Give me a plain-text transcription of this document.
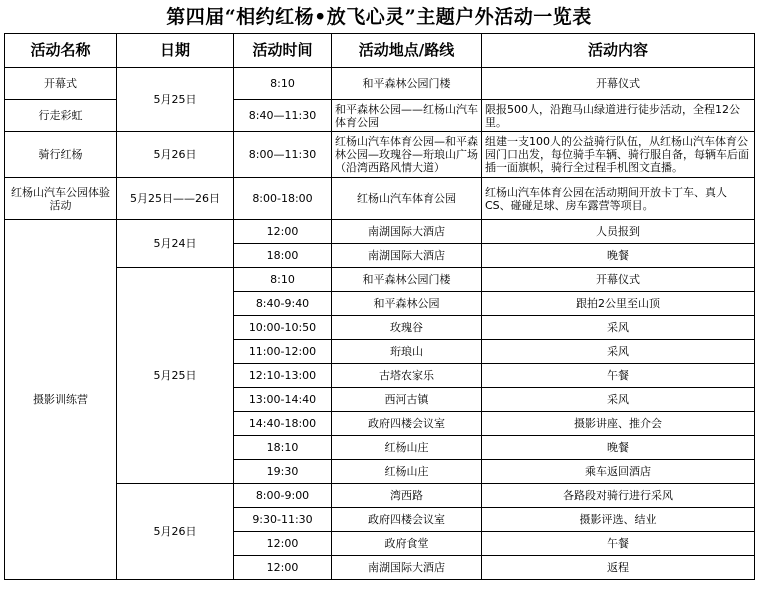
第四届“相约红杨•放飞心灵”主题户外活动一览表
活动名称	日期	活动时间	活动地点/路线	活动内容
开幕式	5月25日	8:10	和平森林公园门楼	开幕仪式
行走彩虹		8:40—11:30	和平森林公园——红杨山汽车体育公园	限报500人，沿跑马山绿道进行徒步活动，全程12公里。
骑行红杨	5月26日	8:00—11:30	红杨山汽车体育公园—和平森林公园—玫瑰谷—珩琅山广场（沿湾西路风情大道）	组建一支100人的公益骑行队伍，从红杨山汽车体育公园门口出发，每位骑手车辆、骑行服自备，每辆车后面插一面旗帜，骑行全过程手机图文直播。
红杨山汽车公园体验活动	5月25日——26日	8:00-18:00	红杨山汽车体育公园	红杨山汽车体育公园在活动期间开放卡丁车、真人CS、碰碰足球、房车露营等项目。
摄影训练营	5月24日	12:00	南湖国际大酒店	人员报到
		18:00	南湖国际大酒店	晚餐
	5月25日	8:10	和平森林公园门楼	开幕仪式
		8:40-9:40	和平森林公园	跟拍2公里至山顶
		10:00-10:50	玫瑰谷	采风
		11:00-12:00	珩琅山	采风
		12:10-13:00	古塔农家乐	午餐
		13:00-14:40	西河古镇	采风
		14:40-18:00	政府四楼会议室	摄影讲座、推介会
		18:10	红杨山庄	晚餐
		19:30	红杨山庄	乘车返回酒店
	5月26日	8:00-9:00	湾西路	各路段对骑行进行采风
		9:30-11:30	政府四楼会议室	摄影评选、结业
		12:00	政府食堂	午餐
		12:00	南湖国际大酒店	返程
